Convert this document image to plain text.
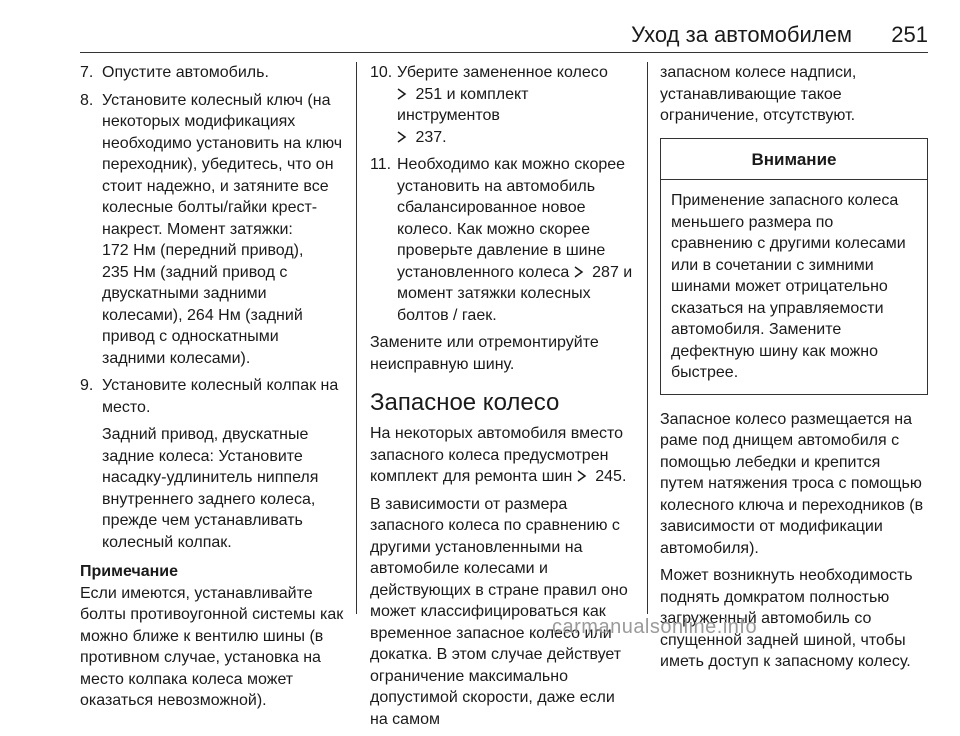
Уход за автомобилем 251
7. Опустите автомобиль.
8. Установите колесный ключ (на некоторых модификациях необходимо установить на ключ переходник), убедитесь, что он стоит надежно, и затяните все колесные болты/гайки крест-накрест. Момент затяжки:
172 Нм (передний привод),
235 Нм (задний привод с двускатными задними колесами), 264 Нм (задний привод с односкатными задними колесами).
9. Установите колесный колпак на место.
Задний привод, двускатные задние колеса: Установите насадку-удлинитель ниппеля внутреннего заднего колеса, прежде чем устанавливать колесный колпак.
Примечание
Если имеются, устанавливайте болты противоугонной системы как можно ближе к вентилю шины (в противном случае, установка на место колпака колеса может оказаться невозможной).
10. Уберите замененное колесо
251 и комплект инструментов
237.
11. Необходимо как можно скорее установить на автомобиль сбалансированное новое колесо. Как можно скорее проверьте давление в шине установленного колеса 287 и момент затяжки колесных болтов / гаек.
Замените или отремонтируйте неисправную шину.
Запасное колесо
На некоторых автомобиля вместо запасного колеса предусмотрен комплект для ремонта шин 245.
В зависимости от размера запасного колеса по сравнению с другими установленными на автомобиле колесами и действующих в стране правил оно может классифицироваться как временное запасное колесо или докатка. В этом случае действует ограничение максимально допустимой скорости, даже если на самом
запасном колесе надписи, устанавливающие такое ограничение, отсутствуют.
Внимание
Применение запасного колеса меньшего размера по сравнению с другими колесами или в сочетании с зимними шинами может отрицательно сказаться на управляемости автомобиля. Замените дефектную шину как можно быстрее.
Запасное колесо размещается на раме под днищем автомобиля с помощью лебедки и крепится путем натяжения троса с помощью колесного ключа и переходников (в зависимости от модификации автомобиля).
Может возникнуть необходимость поднять домкратом полностью загруженный автомобиль со спущенной задней шиной, чтобы иметь доступ к запасному колесу.
carmanualsonline.info
